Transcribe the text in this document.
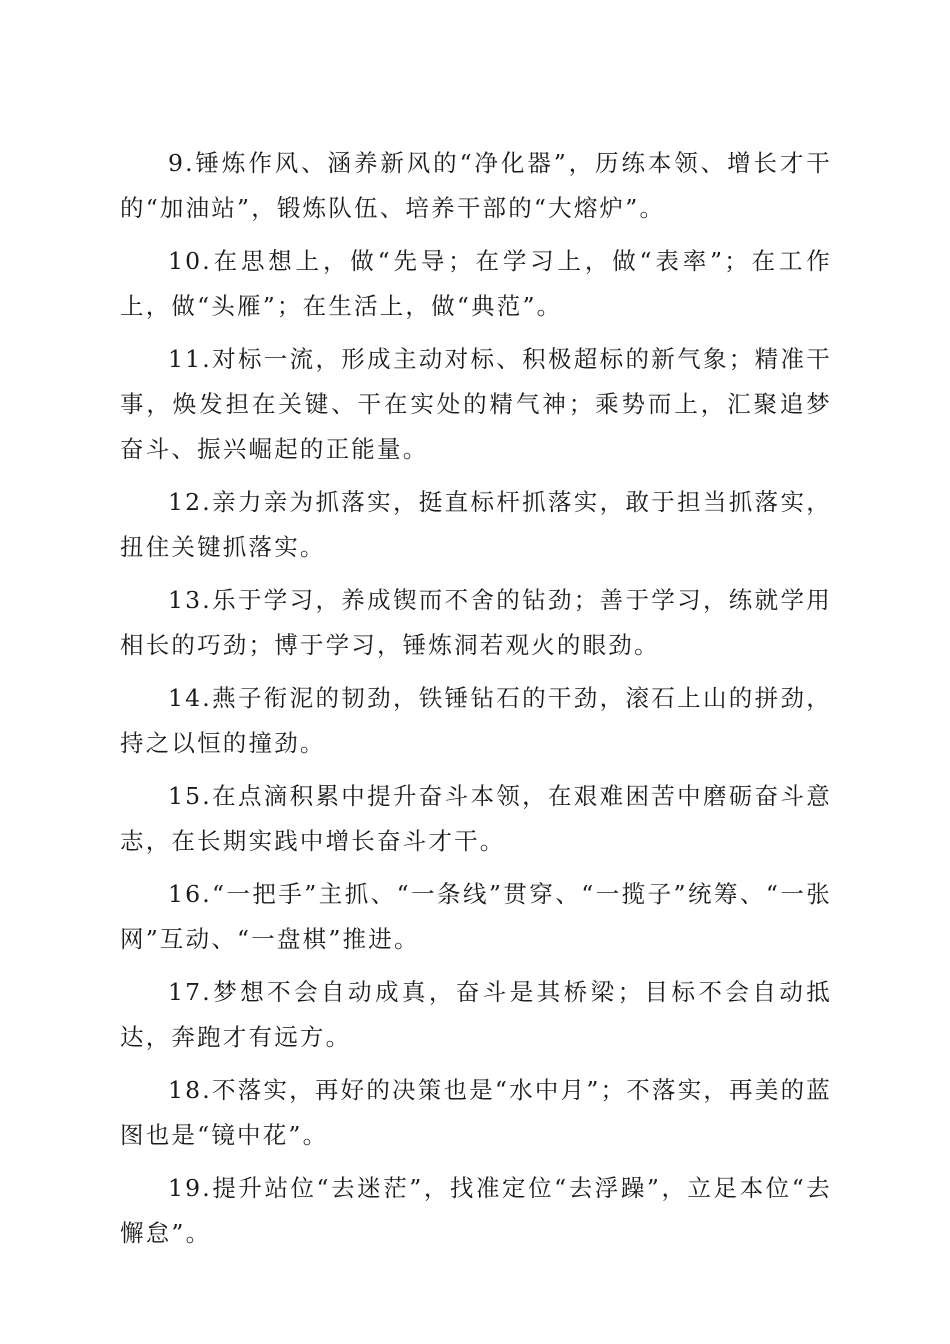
9.锤炼作风、涵养新风的“净化器”，历练本领、增长才干的“加油站”，锻炼队伍、培养干部的“大熔炉”。

10.在思想上，做“先导；在学习上，做“表率”；在工作上，做“头雁”；在生活上，做“典范”。

11.对标一流，形成主动对标、积极超标的新气象；精准干事，焕发担在关键、干在实处的精气神；乘势而上，汇聚追梦奋斗、振兴崛起的正能量。

12.亲力亲为抓落实，挺直标杆抓落实，敢于担当抓落实，扭住关键抓落实。

13.乐于学习，养成锲而不舍的钻劲；善于学习，练就学用相长的巧劲；博于学习，锤炼洞若观火的眼劲。

14.燕子衔泥的韧劲，铁锤钻石的干劲，滚石上山的拼劲，持之以恒的撞劲。

15.在点滴积累中提升奋斗本领，在艰难困苦中磨砺奋斗意志，在长期实践中增长奋斗才干。

16.“一把手”主抓、“一条线”贯穿、“一揽子”统筹、“一张网”互动、“一盘棋”推进。

17.梦想不会自动成真，奋斗是其桥梁；目标不会自动抵达，奔跑才有远方。

18.不落实，再好的决策也是“水中月”；不落实，再美的蓝图也是“镜中花”。

19.提升站位“去迷茫”，找准定位“去浮躁”，立足本位“去懈怠”。
